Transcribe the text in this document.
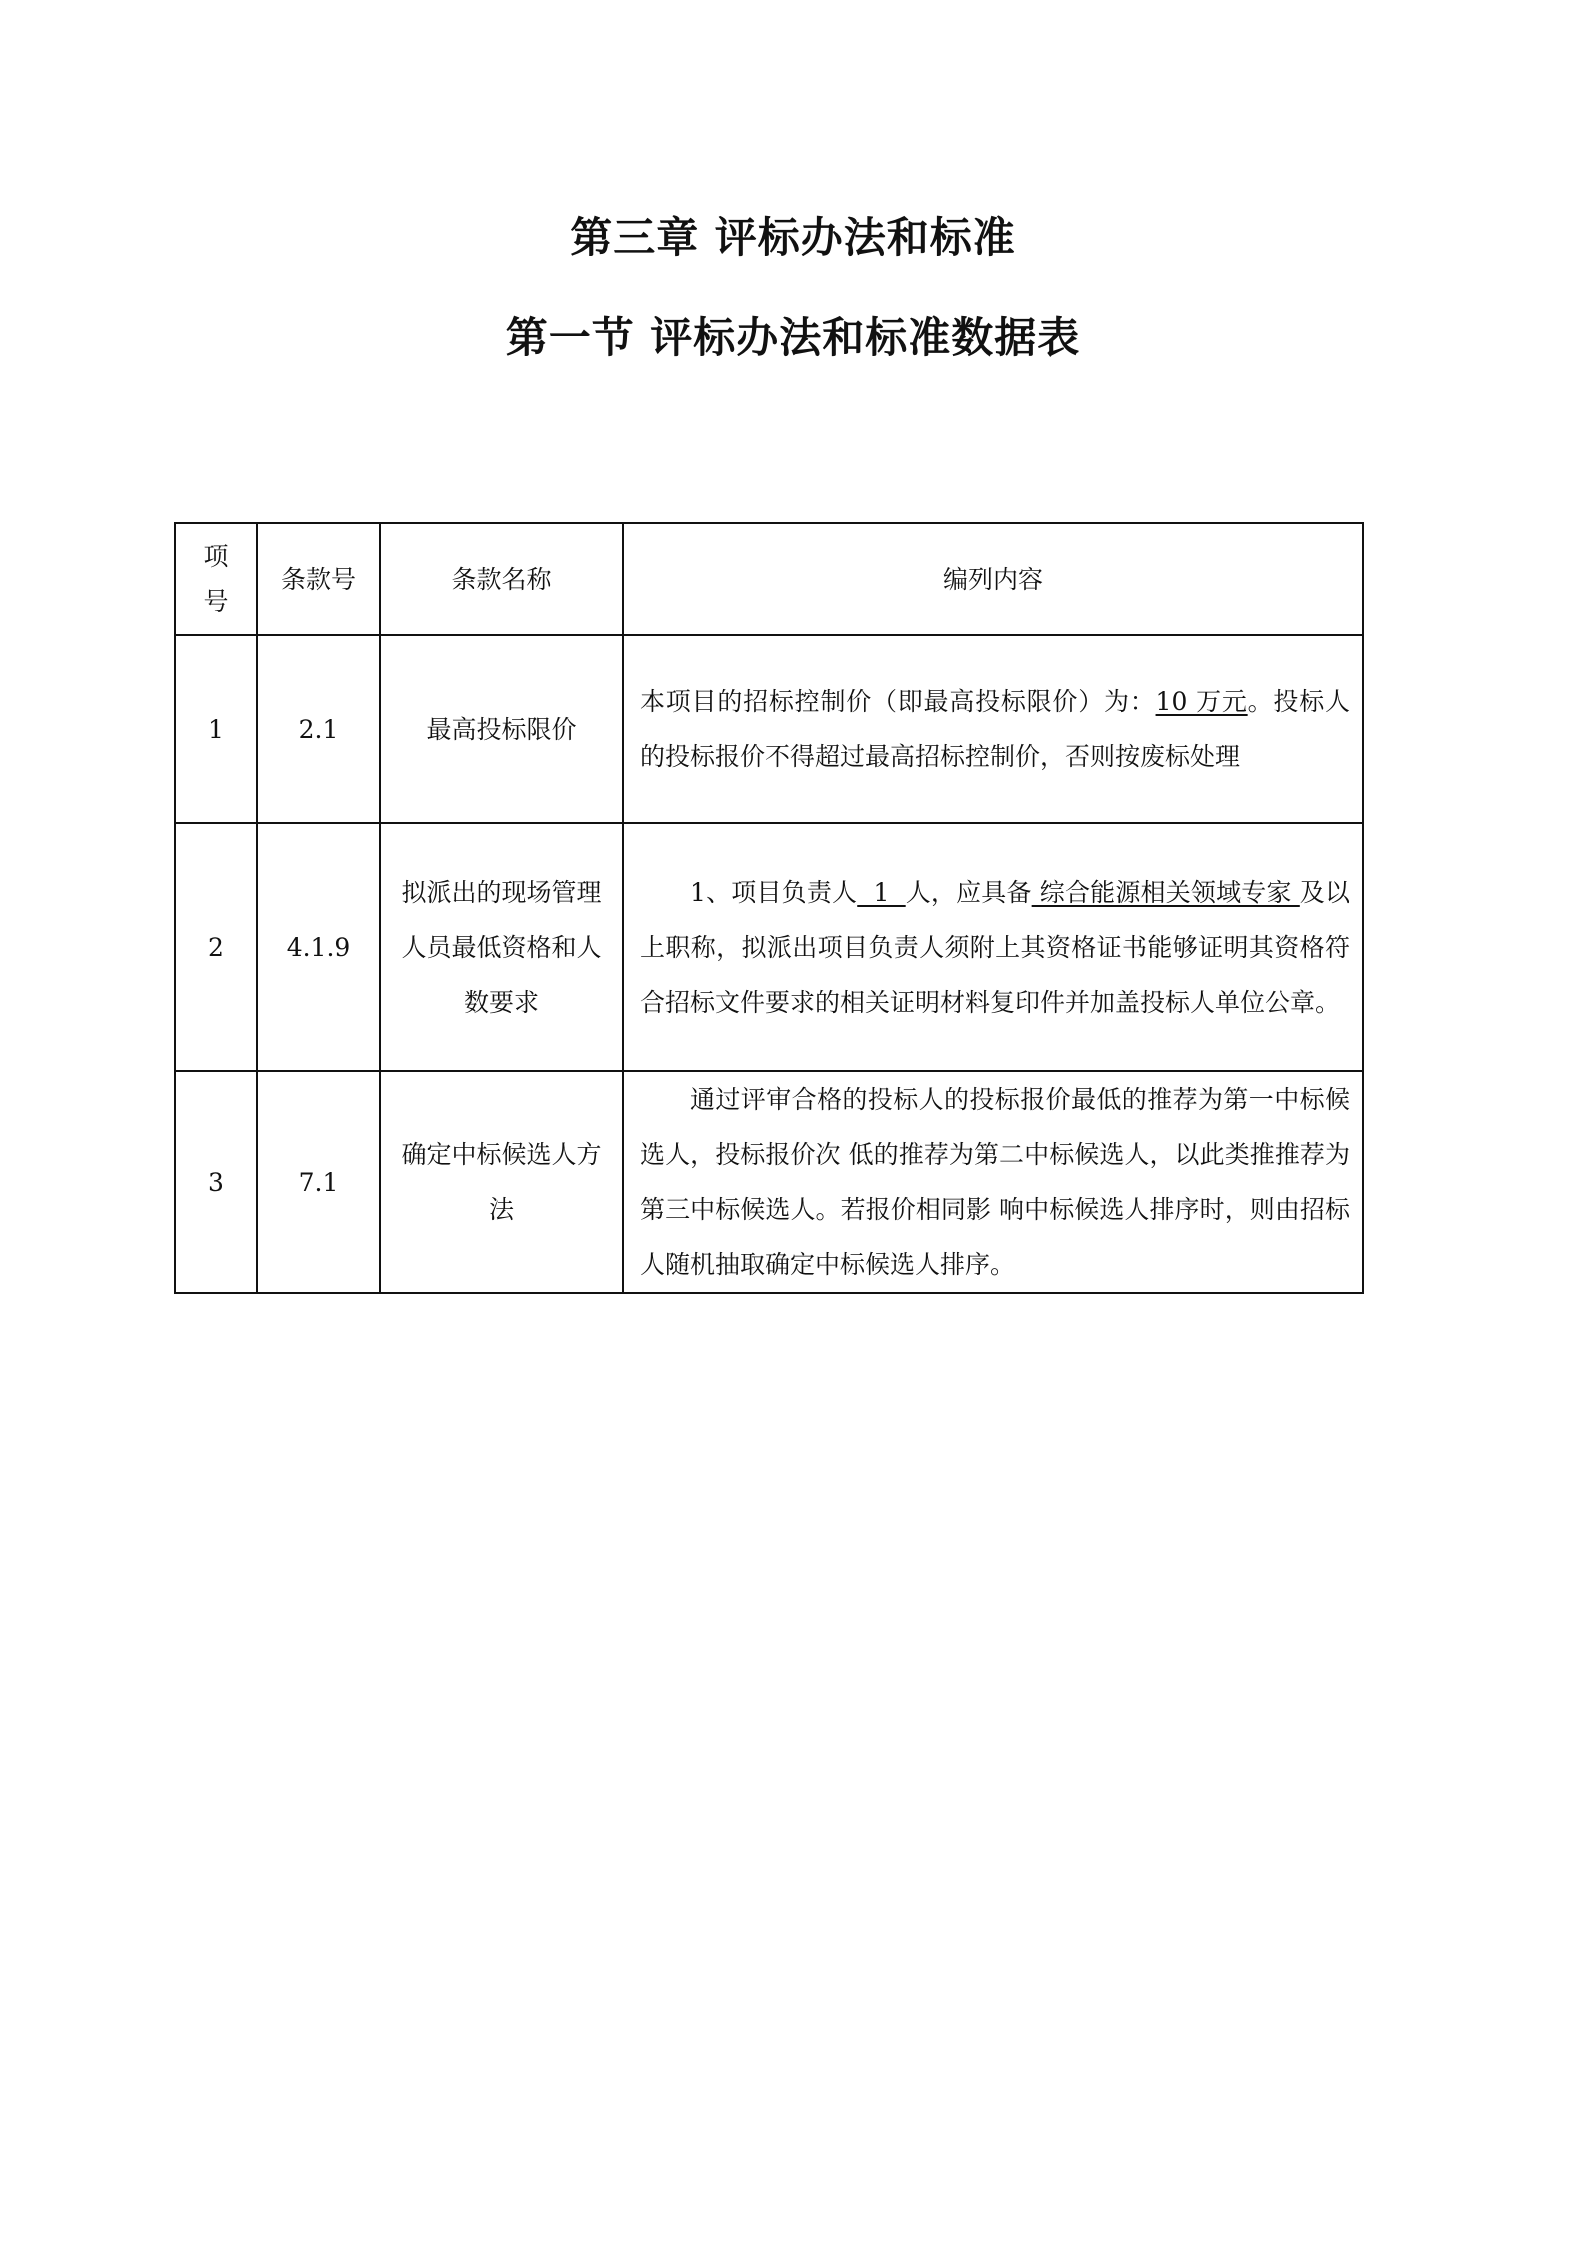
第三章 评标办法和标准
第一节 评标办法和标准数据表
项号	条款号	条款名称	编列内容
1	2.1	最高投标限价	本项目的招标控制价（即最高投标限价）为：10 万元。投标人的投标报价不得超过最高招标控制价，否则按废标处理
2	4.1.9	拟派出的现场管理人员最低资格和人数要求	1、项目负责人  1  人，应具备 综合能源相关领域专家 及以上职称，拟派出项目负责人须附上其资格证书能够证明其资格符合招标文件要求的相关证明材料复印件并加盖投标人单位公章。

3	7.1	确定中标候选人方法	通过评审合格的投标人的投标报价最低的推荐为第一中标候选人，投标报价次 低的推荐为第二中标候选人，以此类推推荐为第三中标候选人。若报价相同影 响中标候选人排序时，则由招标人随机抽取确定中标候选人排序。
